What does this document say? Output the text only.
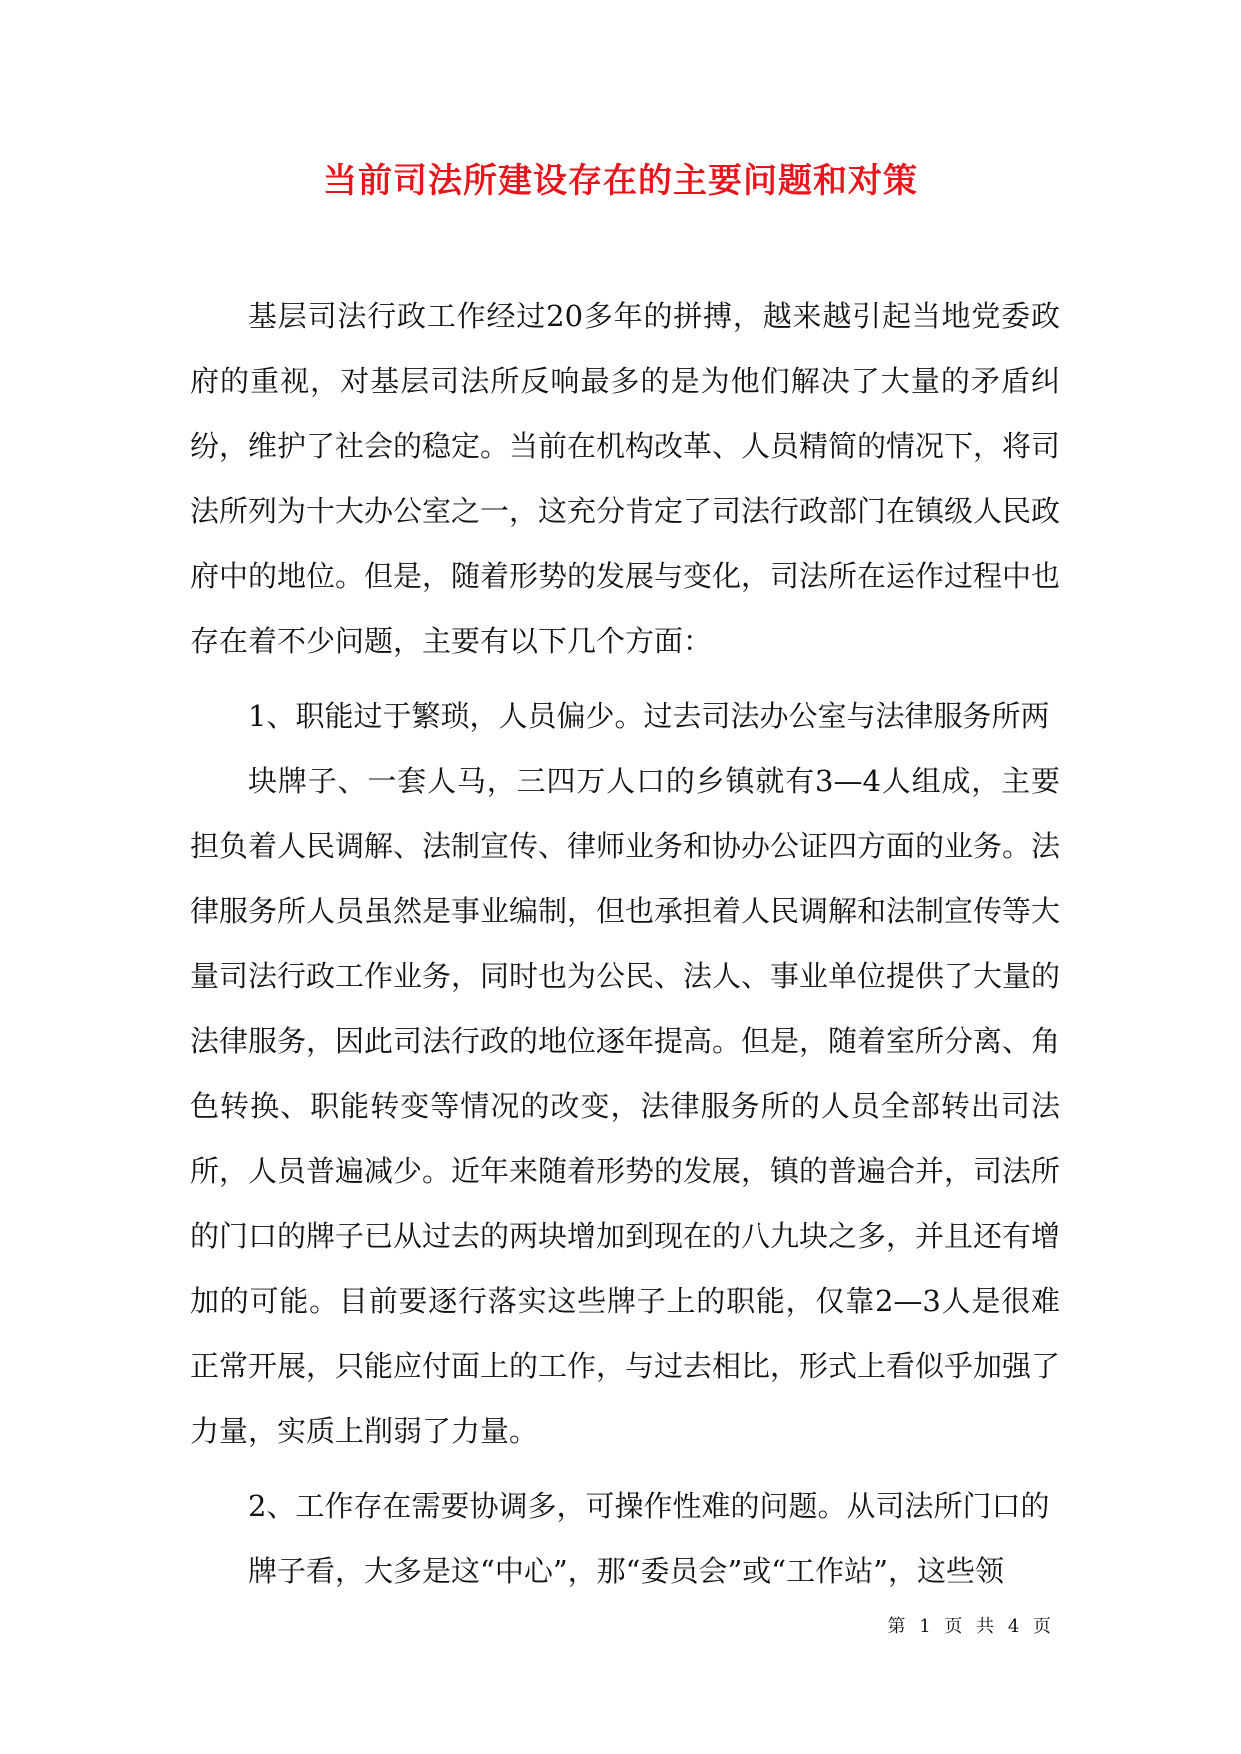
当前司法所建设存在的主要问题和对策

基层司法行政工作经过20多年的拼搏，越来越引起当地党委政府的重视，对基层司法所反响最多的是为他们解决了大量的矛盾纠纷，维护了社会的稳定。当前在机构改革、人员精简的情况下，将司法所列为十大办公室之一，这充分肯定了司法行政部门在镇级人民政府中的地位。但是，随着形势的发展与变化，司法所在运作过程中也存在着不少问题，主要有以下几个方面：

1、职能过于繁琐，人员偏少。过去司法办公室与法律服务所两

块牌子、一套人马，三四万人口的乡镇就有3—4人组成，主要担负着人民调解、法制宣传、律师业务和协办公证四方面的业务。法律服务所人员虽然是事业编制，但也承担着人民调解和法制宣传等大量司法行政工作业务，同时也为公民、法人、事业单位提供了大量的法律服务，因此司法行政的地位逐年提高。但是，随着室所分离、角色转换、职能转变等情况的改变，法律服务所的人员全部转出司法所，人员普遍减少。近年来随着形势的发展，镇的普遍合并，司法所的门口的牌子已从过去的两块增加到现在的八九块之多，并且还有增加的可能。目前要逐行落实这些牌子上的职能，仅靠2—3人是很难正常开展，只能应付面上的工作，与过去相比，形式上看似乎加强了力量，实质上削弱了力量。

2、工作存在需要协调多，可操作性难的问题。从司法所门口的

牌子看，大多是这“中心”，那“委员会”或“工作站”，这些领

第 1 页 共 4 页
